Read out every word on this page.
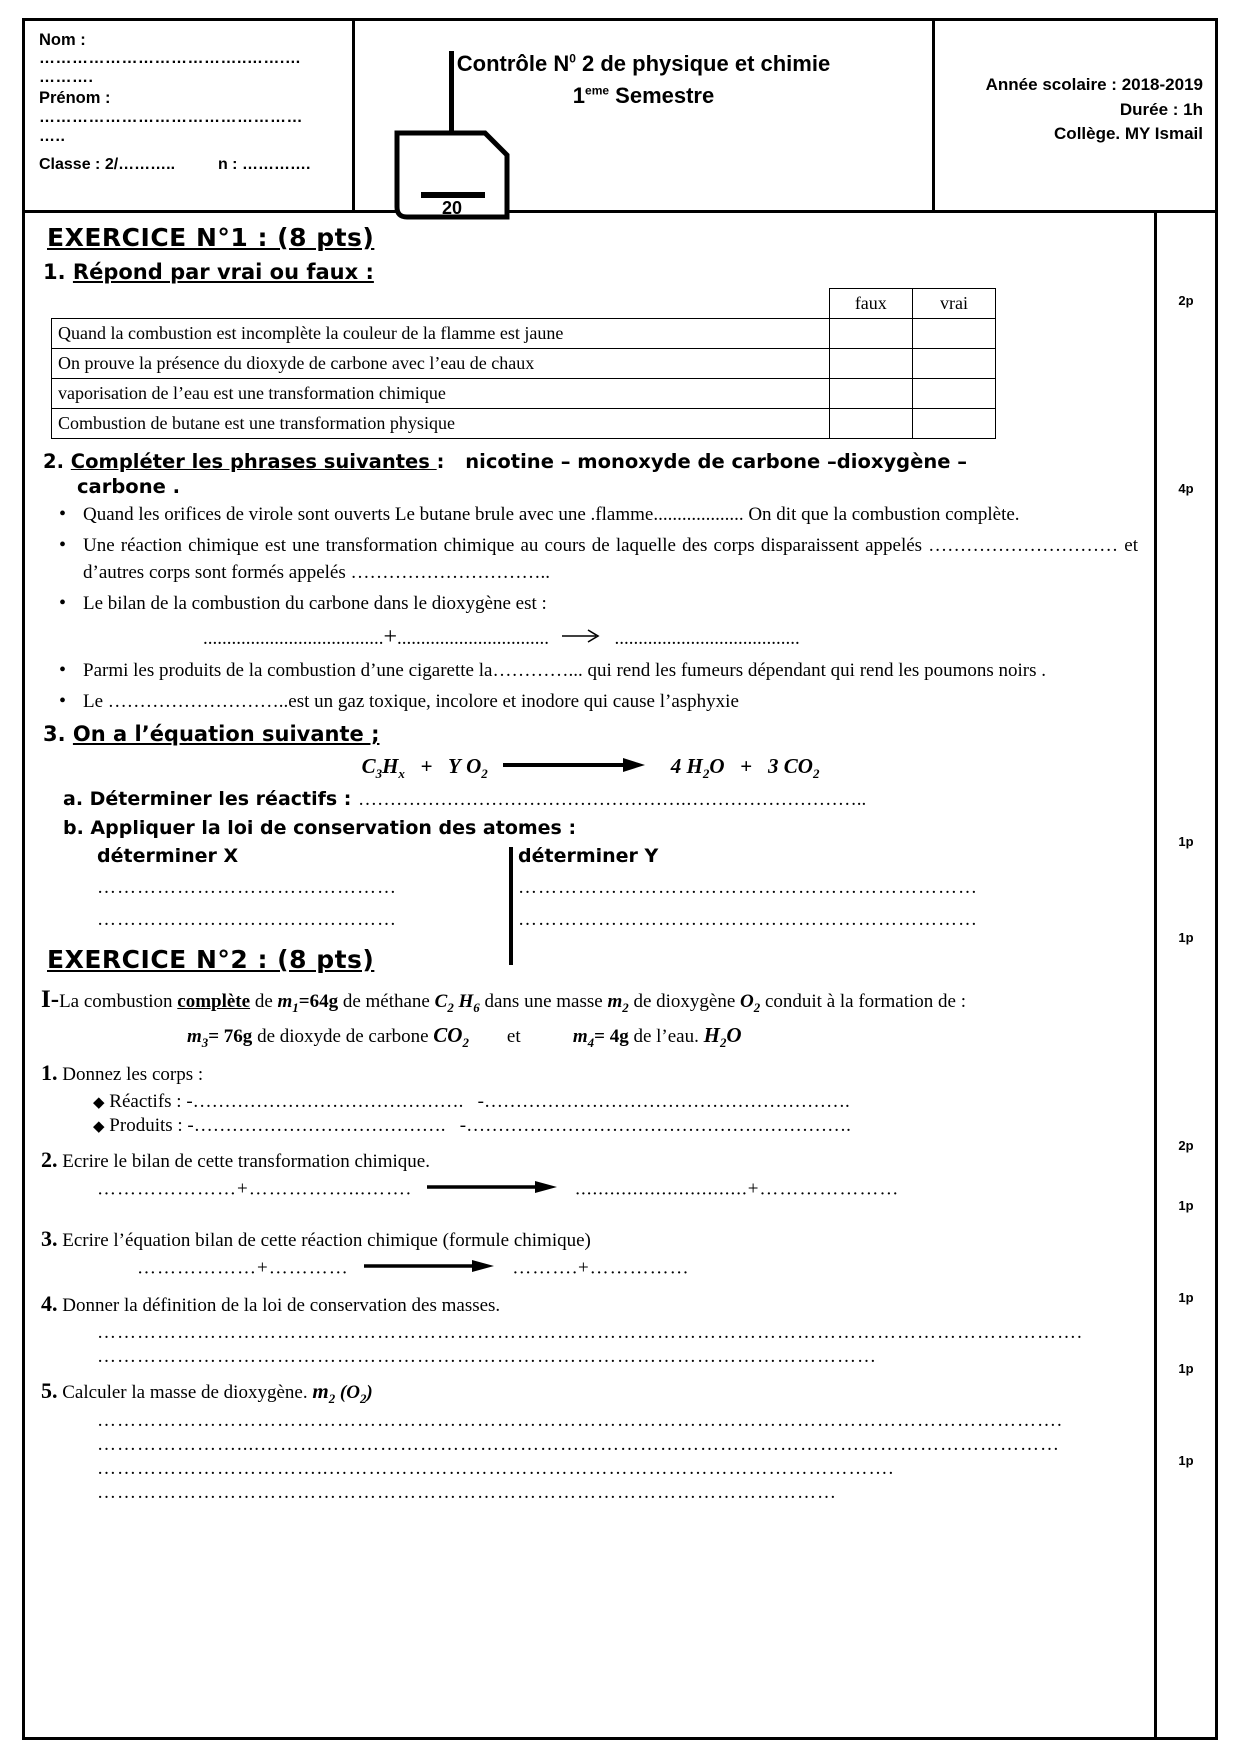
Nom :
………………………………..…….…
……….
Prénom :
…………………………………………
…..
Classe : 2/………..	n : ………….
Contrôle $N^0$ 2 de physique et chimie
1eme Semestre	Année scolaire : 2018-2019
Durée : 1h
Collège. MY Ismail
20
EXERCICE N°1 : (8 pts)
1. Répond par vrai ou faux :
	faux	vrai
Quand la combustion est incomplète la couleur de la flamme est jaune		
On prouve la présence du dioxyde de carbone avec l’eau de chaux		
vaporisation de l’eau est une transformation chimique		
Combustion de butane est une transformation physique		
2. Compléter les phrases suivantes : nicotine – monoxyde de carbone –dioxygène –
carbone .
• Quand les orifices de virole sont ouverts Le butane brule avec une .flamme................... On dit que la combustion complète.
• Une réaction chimique est une transformation chimique au cours de laquelle des corps disparaissent appelés ………………………… et d’autres corps sont formés appelés …………………………..
• Le bilan de la combustion du carbone dans le dioxygène est :
......................................+................................ → .......................................
• Parmi les produits de la combustion d’une cigarette la…………... qui rend les fumeurs dépendant qui rend les poumons noirs .
• Le ………………………..est un gaz toxique, incolore et inodore qui cause l’asphyxie
3. On a l’équation suivante ;
$C_3H_x + Y$ $O_2$	4 $H_2O + 3$ $CO_2$
a. Déterminer les réactifs : …………………………………………….………………………..
b. Appliquer la loi de conservation des atomes :
déterminer X
………………………………………
………………………………………
déterminer Y
……………………………………………………………
……………………………………………………………
EXERCICE N°2 : (8 pts)
I-La combustion complète de $m_1=64g$ de méthane $C_2$ $H_6$ dans une masse $m_2$ de dioxygène $O_2$ conduit à la formation de :
$m_3= 76g$ de dioxyde de carbone $CO_2$ et	$m_4= 4g$ de l’eau. $H_2O$
1. Donnez les corps :
◆ Réactifs : -……………………………………. -………………………………………………….
◆ Produits : -…………………………………. -…………………………………………………….
2. Ecrire le bilan de cette transformation chimique.
…………………+……………...…….	..............................+…………………
3. Ecrire l’équation bilan de cette réaction chimique (formule chimique)
………………+…………	……….+……………
4. Donner la définition de la loi de conservation des masses.
………………………………………………………………………………………………………………………………….
………………………………………………………………………………………………………
5. Calculer la masse de dioxygène. $m_2$ $(O_2)$
……………………………………………………………………………………………………………………………….
…………………....…………………………………………………………………………………………………………
……………………………..………………………………………………………………………….
…………………………………………………………………………………………………
2p
4p
1p
1p
2p
1p
1p
1p
1p
